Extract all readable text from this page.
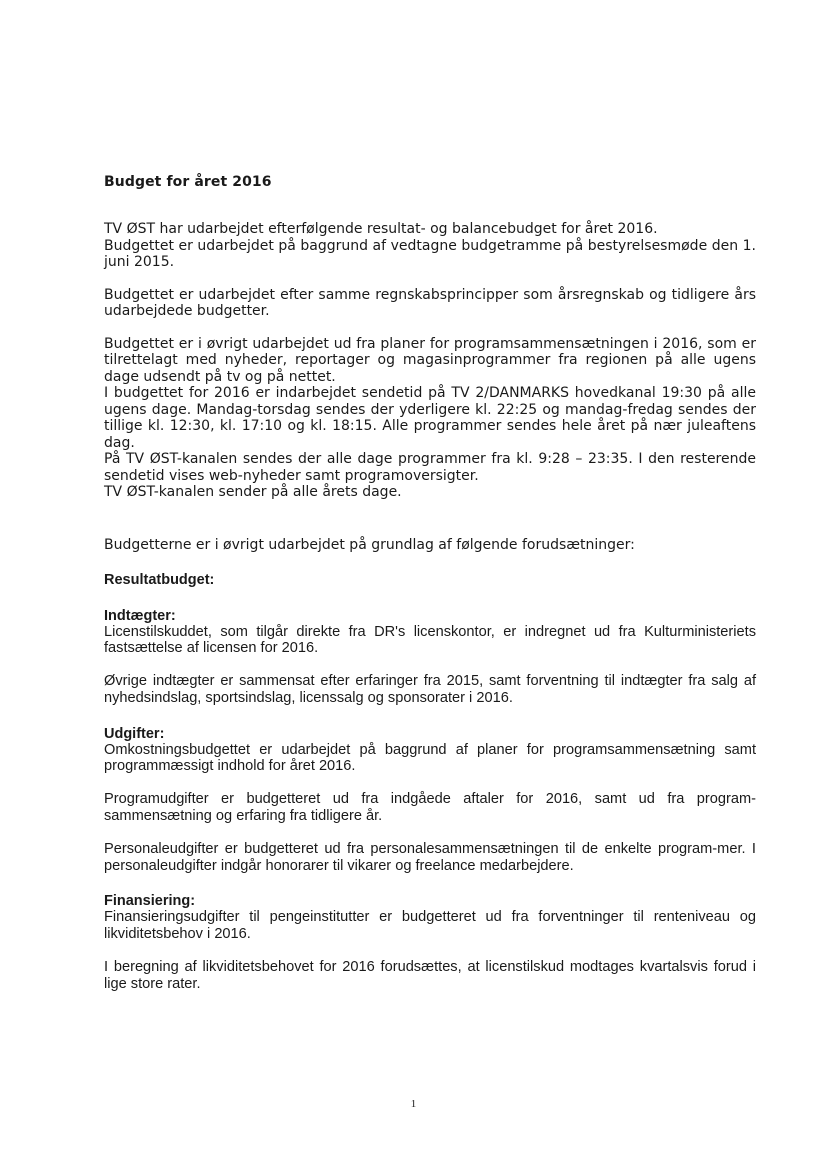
Budget for året 2016

TV ØST har udarbejdet efterfølgende resultat- og balancebudget for året 2016.

Budgettet er udarbejdet på baggrund af vedtagne budgetramme på bestyrelsesmøde den 1. juni 2015.

Budgettet er udarbejdet efter samme regnskabsprincipper som årsregnskab og tidligere års udarbejdede budgetter.

Budgettet er i øvrigt udarbejdet ud fra planer for programsammensætningen i 2016, som er tilrettelagt med nyheder, reportager og magasinprogrammer fra regionen på alle ugens dage udsendt på tv og på nettet.

I budgettet for 2016 er indarbejdet sendetid på TV 2/DANMARKS hovedkanal 19:30 på alle ugens dage. Mandag-torsdag sendes der yderligere kl. 22:25 og mandag-fredag sendes der tillige kl. 12:30, kl. 17:10 og kl. 18:15. Alle programmer sendes hele året på nær juleaftens dag.

På TV ØST-kanalen sendes der alle dage programmer fra kl. 9:28 – 23:35. I den resterende sendetid vises web-nyheder samt programoversigter.

TV ØST-kanalen sender på alle årets dage.

Budgetterne er i øvrigt udarbejdet på grundlag af følgende forudsætninger:

Resultatbudget:

Indtægter:

Licenstilskuddet, som tilgår direkte fra DR's licenskontor, er indregnet ud fra Kulturministeriets fastsættelse af licensen for 2016.

Øvrige indtægter er sammensat efter erfaringer fra 2015, samt forventning til indtægter fra salg af nyhedsindslag, sportsindslag, licenssalg og sponsorater i 2016.

Udgifter:

Omkostningsbudgettet er udarbejdet på baggrund af planer for programsammensætning samt programmæssigt indhold for året 2016.

Programudgifter er budgetteret ud fra indgåede aftaler for 2016, samt ud fra program-sammensætning og erfaring fra tidligere år.

Personaleudgifter er budgetteret ud fra personalesammensætningen til de enkelte program-mer. I personaleudgifter indgår honorarer til vikarer og freelance medarbejdere.

Finansiering:

Finansieringsudgifter til pengeinstitutter er budgetteret ud fra forventninger til renteniveau og likviditetsbehov i 2016.

I beregning af likviditetsbehovet for 2016 forudsættes, at licenstilskud modtages kvartalsvis forud i lige store rater.

1
